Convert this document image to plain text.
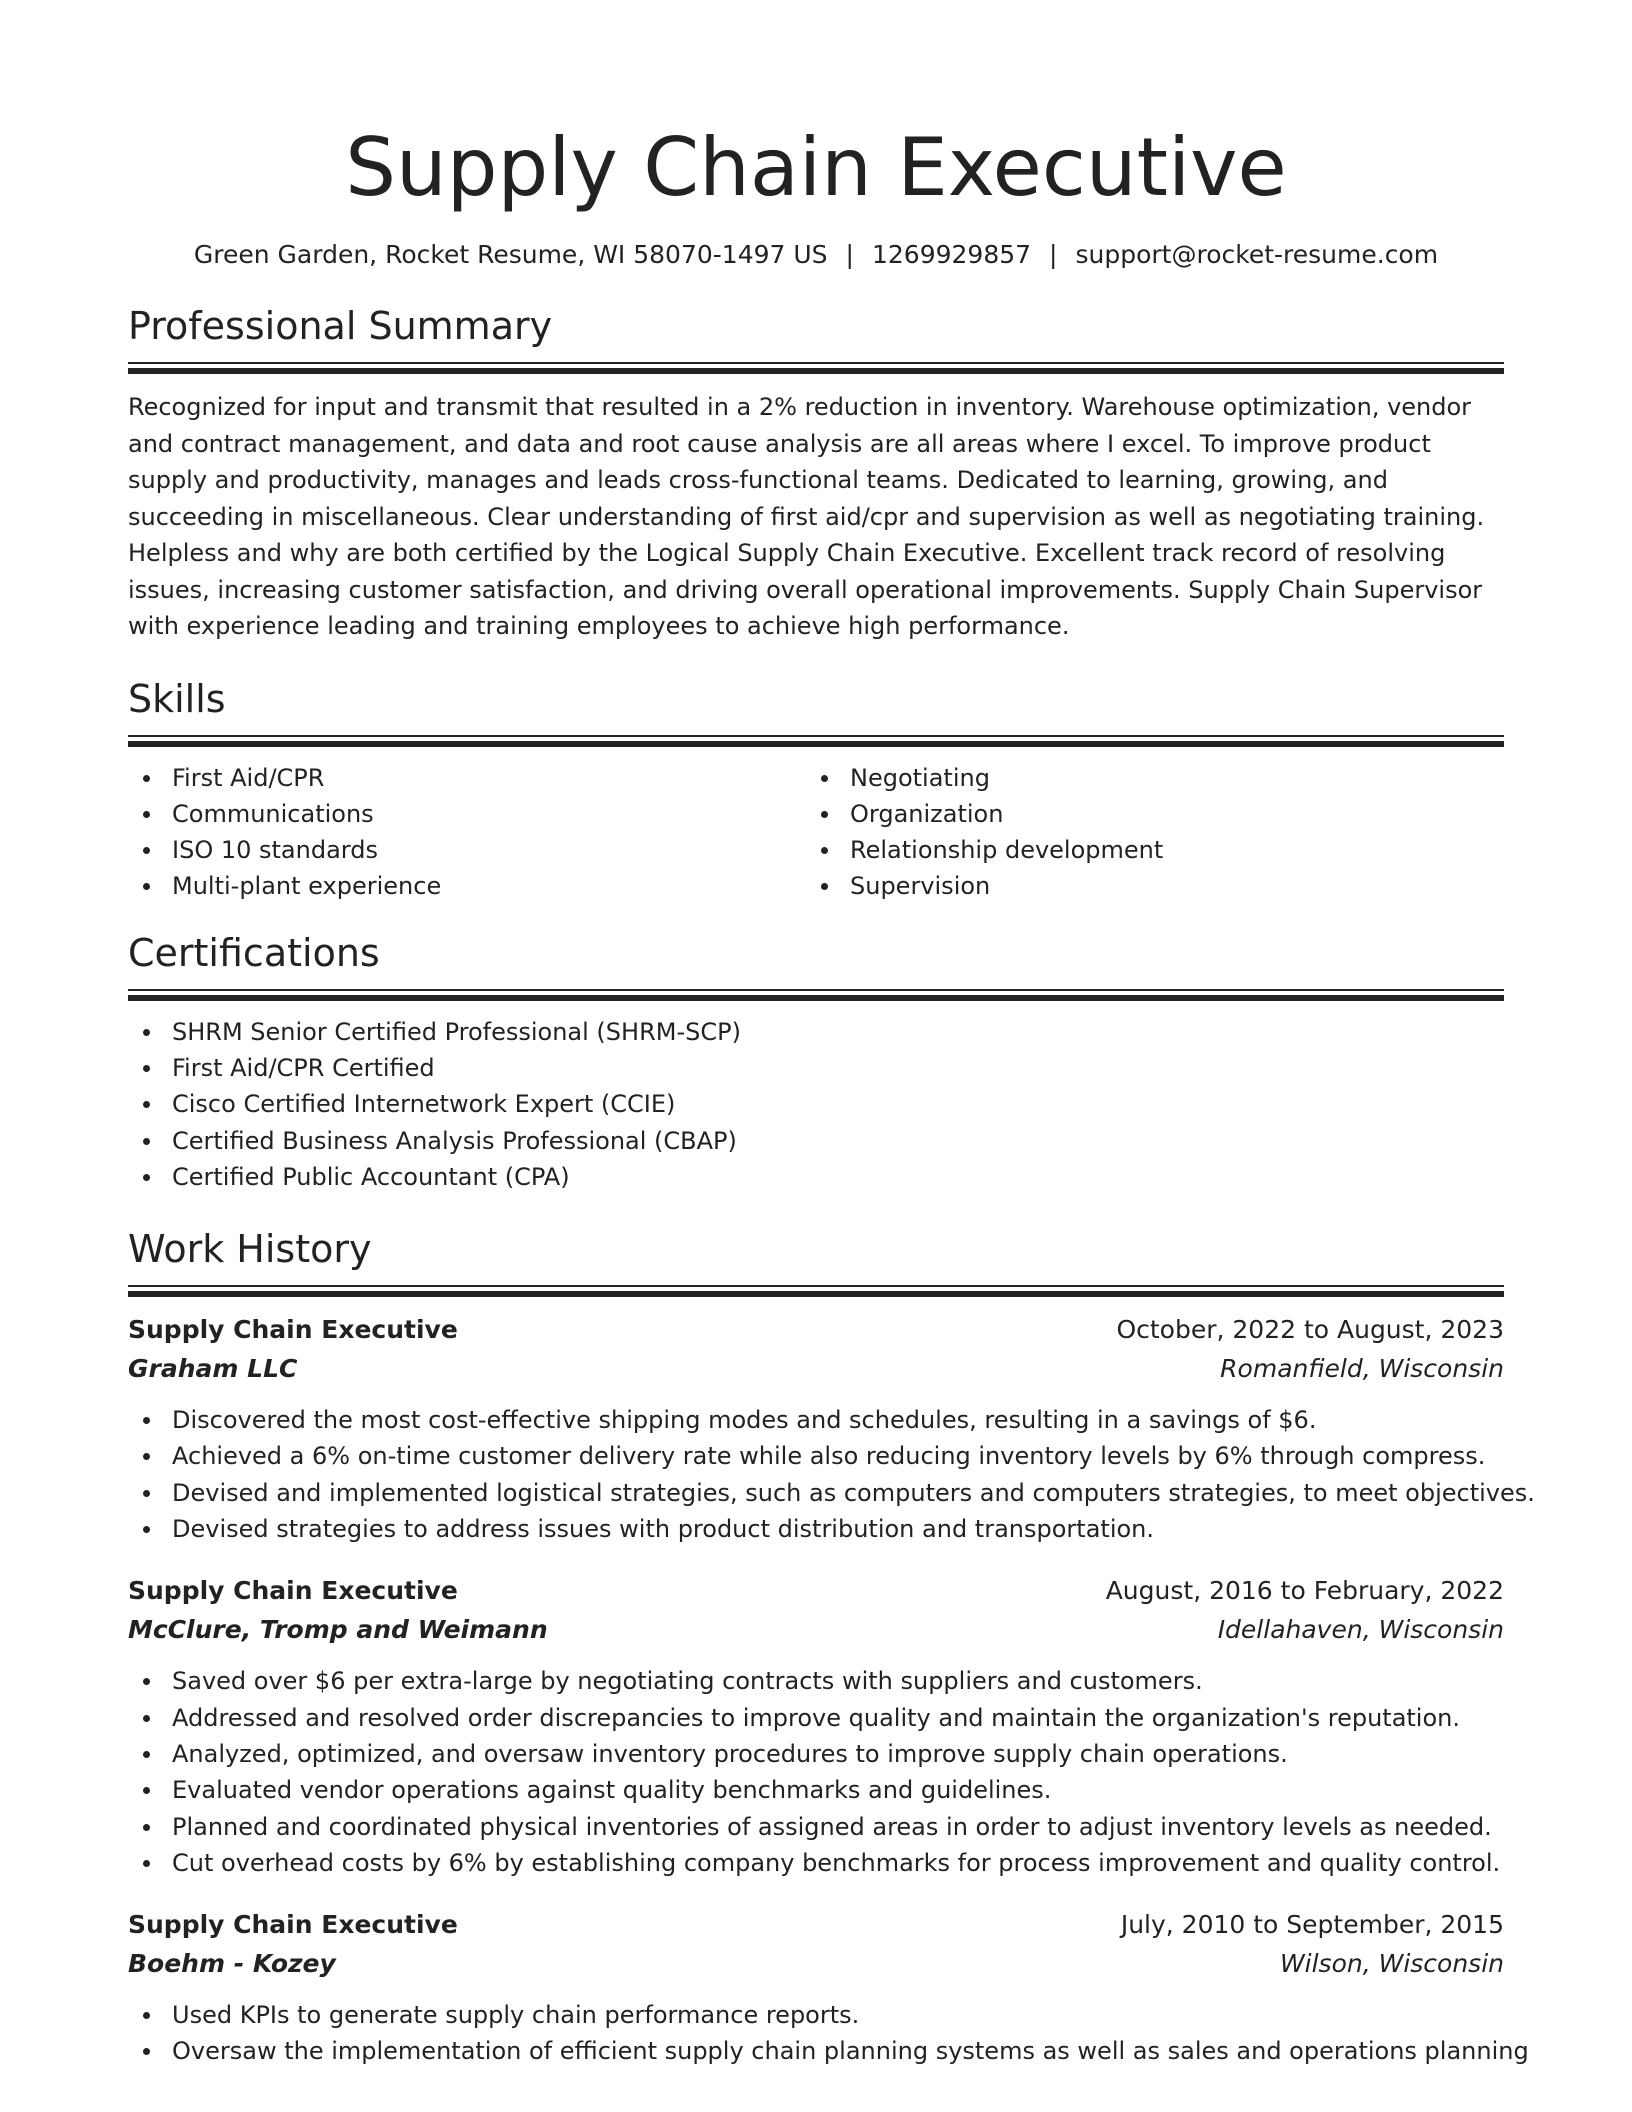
Supply Chain Executive
Green Garden, Rocket Resume, WI 58070-1497 US | 1269929857 | support@rocket-resume.com
Professional Summary
Recognized for input and transmit that resulted in a 2% reduction in inventory. Warehouse optimization, vendor and contract management, and data and root cause analysis are all areas where I excel. To improve product supply and productivity, manages and leads cross-functional teams. Dedicated to learning, growing, and succeeding in miscellaneous. Clear understanding of first aid/cpr and supervision as well as negotiating training. Helpless and why are both certified by the Logical Supply Chain Executive. Excellent track record of resolving issues, increasing customer satisfaction, and driving overall operational improvements. Supply Chain Supervisor with experience leading and training employees to achieve high performance.
Skills
First Aid/CPR
Communications
ISO 10 standards
Multi-plant experience
Negotiating
Organization
Relationship development
Supervision
Certifications
SHRM Senior Certified Professional (SHRM-SCP)
First Aid/CPR Certified
Cisco Certified Internetwork Expert (CCIE)
Certified Business Analysis Professional (CBAP)
Certified Public Accountant (CPA)
Work History
Supply Chain Executive	October, 2022 to August, 2023
Graham LLC	Romanfield, Wisconsin
Discovered the most cost-effective shipping modes and schedules, resulting in a savings of $6.
Achieved a 6% on-time customer delivery rate while also reducing inventory levels by 6% through compress.
Devised and implemented logistical strategies, such as computers and computers strategies, to meet objectives.
Devised strategies to address issues with product distribution and transportation.
Supply Chain Executive	August, 2016 to February, 2022
McClure, Tromp and Weimann	Idellahaven, Wisconsin
Saved over $6 per extra-large by negotiating contracts with suppliers and customers.
Addressed and resolved order discrepancies to improve quality and maintain the organization's reputation.
Analyzed, optimized, and oversaw inventory procedures to improve supply chain operations.
Evaluated vendor operations against quality benchmarks and guidelines.
Planned and coordinated physical inventories of assigned areas in order to adjust inventory levels as needed.
Cut overhead costs by 6% by establishing company benchmarks for process improvement and quality control.
Supply Chain Executive	July, 2010 to September, 2015
Boehm - Kozey	Wilson, Wisconsin
Used KPIs to generate supply chain performance reports.
Oversaw the implementation of efficient supply chain planning systems as well as sales and operations planning
